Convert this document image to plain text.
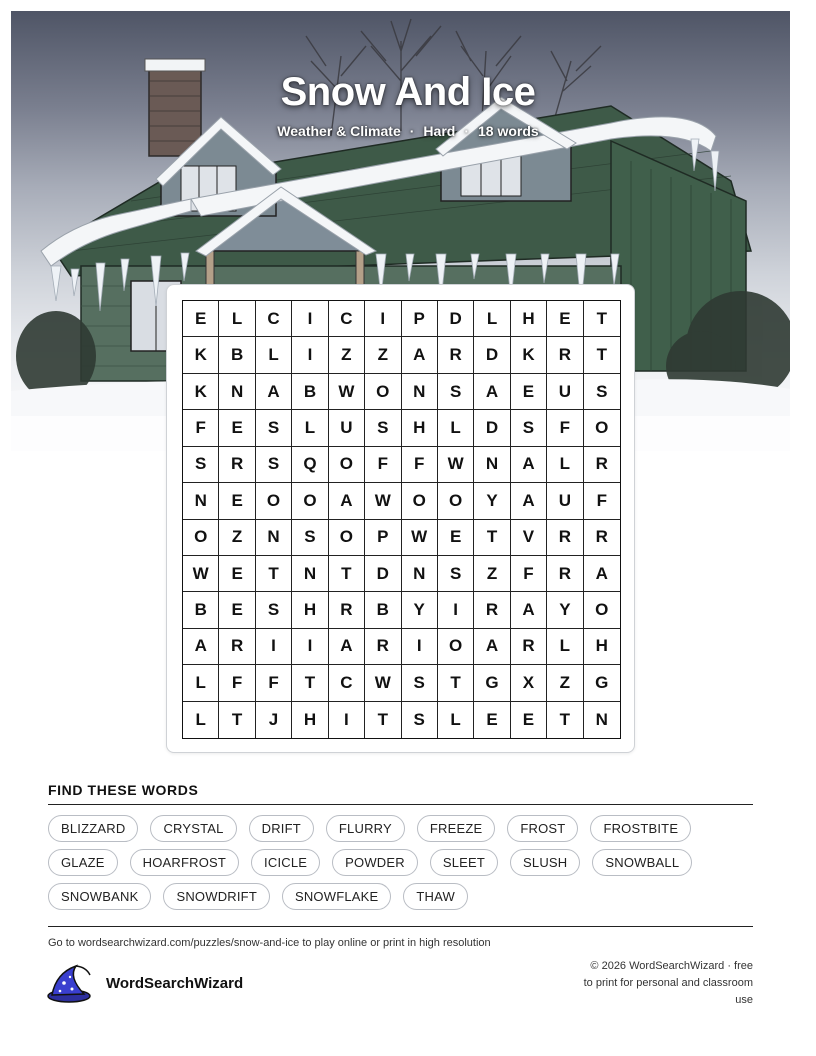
Snow And Ice
Weather & Climate · Hard · 18 words
E	L	C	I	C	I	P	D	L	H	E	T
K	B	L	I	Z	Z	A	R	D	K	R	T
K	N	A	B	W	O	N	S	A	E	U	S
F	E	S	L	U	S	H	L	D	S	F	O
S	R	S	Q	O	F	F	W	N	A	L	R
N	E	O	O	A	W	O	O	Y	A	U	F
O	Z	N	S	O	P	W	E	T	V	R	R
W	E	T	N	T	D	N	S	Z	F	R	A
B	E	S	H	R	B	Y	I	R	A	Y	O
A	R	I	I	A	R	I	O	A	R	L	H
L	F	F	T	C	W	S	T	G	X	Z	G
L	T	J	H	I	T	S	L	E	E	T	N
FIND THESE WORDS
BLIZZARD	CRYSTAL	DRIFT	FLURRY	FREEZE	FROST	FROSTBITE
GLAZE	HOARFROST	ICICLE	POWDER	SLEET	SLUSH	SNOWBALL
SNOWBANK	SNOWDRIFT	SNOWFLAKE	THAW
Go to wordsearchwizard.com/puzzles/snow-and-ice to play online or print in high resolution
WordSearchWizard
© 2026 WordSearchWizard · free to print for personal and classroom use
